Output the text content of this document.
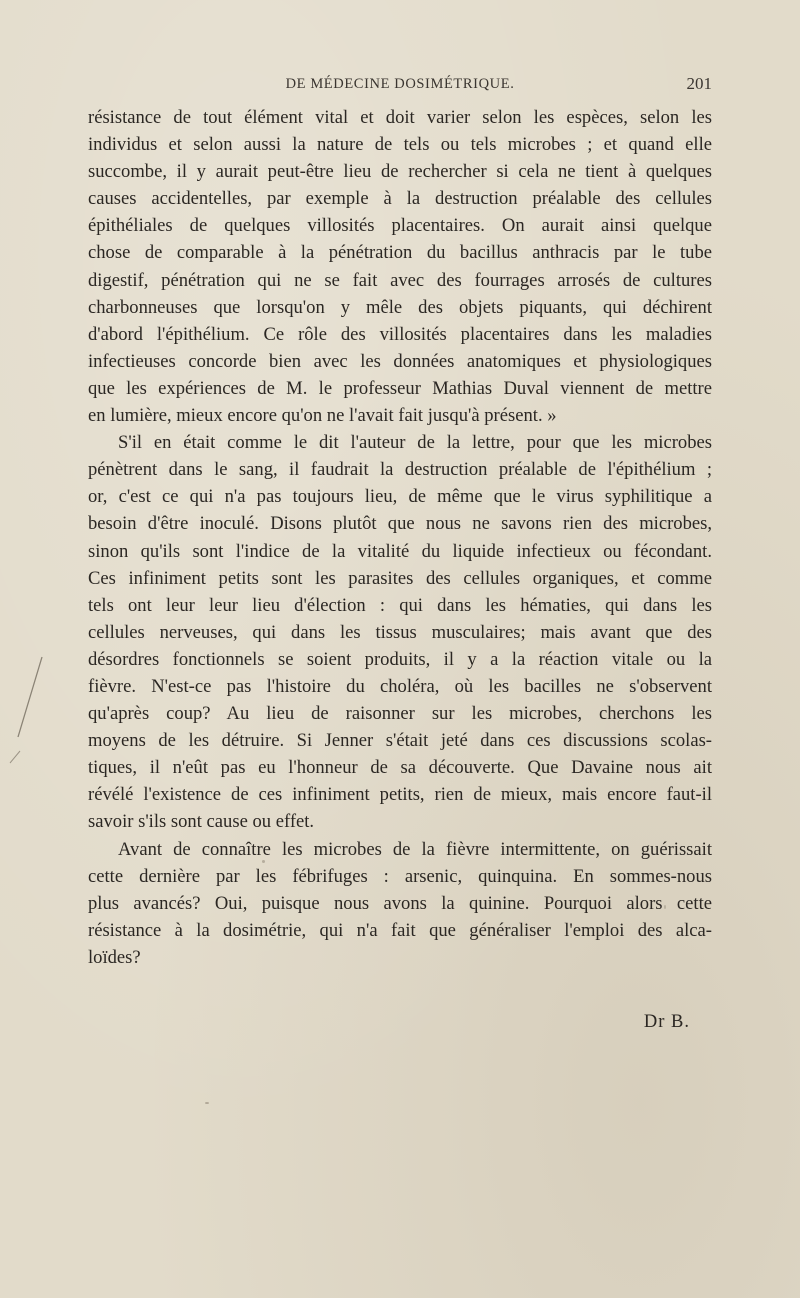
DE MÉDECINE DOSIMÉTRIQUE.	201
résistance de tout élément vital et doit varier selon les espèces, selon les
individus et selon aussi la nature de tels ou tels microbes ; et quand elle
succombe, il y aurait peut-être lieu de rechercher si cela ne tient à quelques
causes accidentelles, par exemple à la destruction préalable des cellules
épithéliales de quelques villosités placentaires. On aurait ainsi quelque
chose de comparable à la pénétration du bacillus anthracis par le tube
digestif, pénétration qui ne se fait avec des fourrages arrosés de cultures
charbonneuses que lorsqu'on y mêle des objets piquants, qui déchirent
d'abord l'épithélium. Ce rôle des villosités placentaires dans les maladies
infectieuses concorde bien avec les données anatomiques et physiologiques
que les expériences de M. le professeur Mathias Duval viennent de mettre
en lumière, mieux encore qu'on ne l'avait fait jusqu'à présent. »
S'il en était comme le dit l'auteur de la lettre, pour que les microbes
pénètrent dans le sang, il faudrait la destruction préalable de l'épithélium ;
or, c'est ce qui n'a pas toujours lieu, de même que le virus syphilitique a
besoin d'être inoculé. Disons plutôt que nous ne savons rien des microbes,
sinon qu'ils sont l'indice de la vitalité du liquide infectieux ou fécondant.
Ces infiniment petits sont les parasites des cellules organiques, et comme
tels ont leur leur lieu d'élection : qui dans les hématies, qui dans les
cellules nerveuses, qui dans les tissus musculaires; mais avant que des
désordres fonctionnels se soient produits, il y a la réaction vitale ou la
fièvre. N'est-ce pas l'histoire du choléra, où les bacilles ne s'observent
qu'après coup? Au lieu de raisonner sur les microbes, cherchons les
moyens de les détruire. Si Jenner s'était jeté dans ces discussions scolas-
tiques, il n'eût pas eu l'honneur de sa découverte. Que Davaine nous ait
révélé l'existence de ces infiniment petits, rien de mieux, mais encore faut-il
savoir s'ils sont cause ou effet.
Avant de connaître les microbes de la fièvre intermittente, on guérissait
cette dernière par les fébrifuges : arsenic, quinquina. En sommes-nous
plus avancés? Oui, puisque nous avons la quinine. Pourquoi alors cette
résistance à la dosimétrie, qui n'a fait que généraliser l'emploi des alca-
loïdes?
Dr B.
